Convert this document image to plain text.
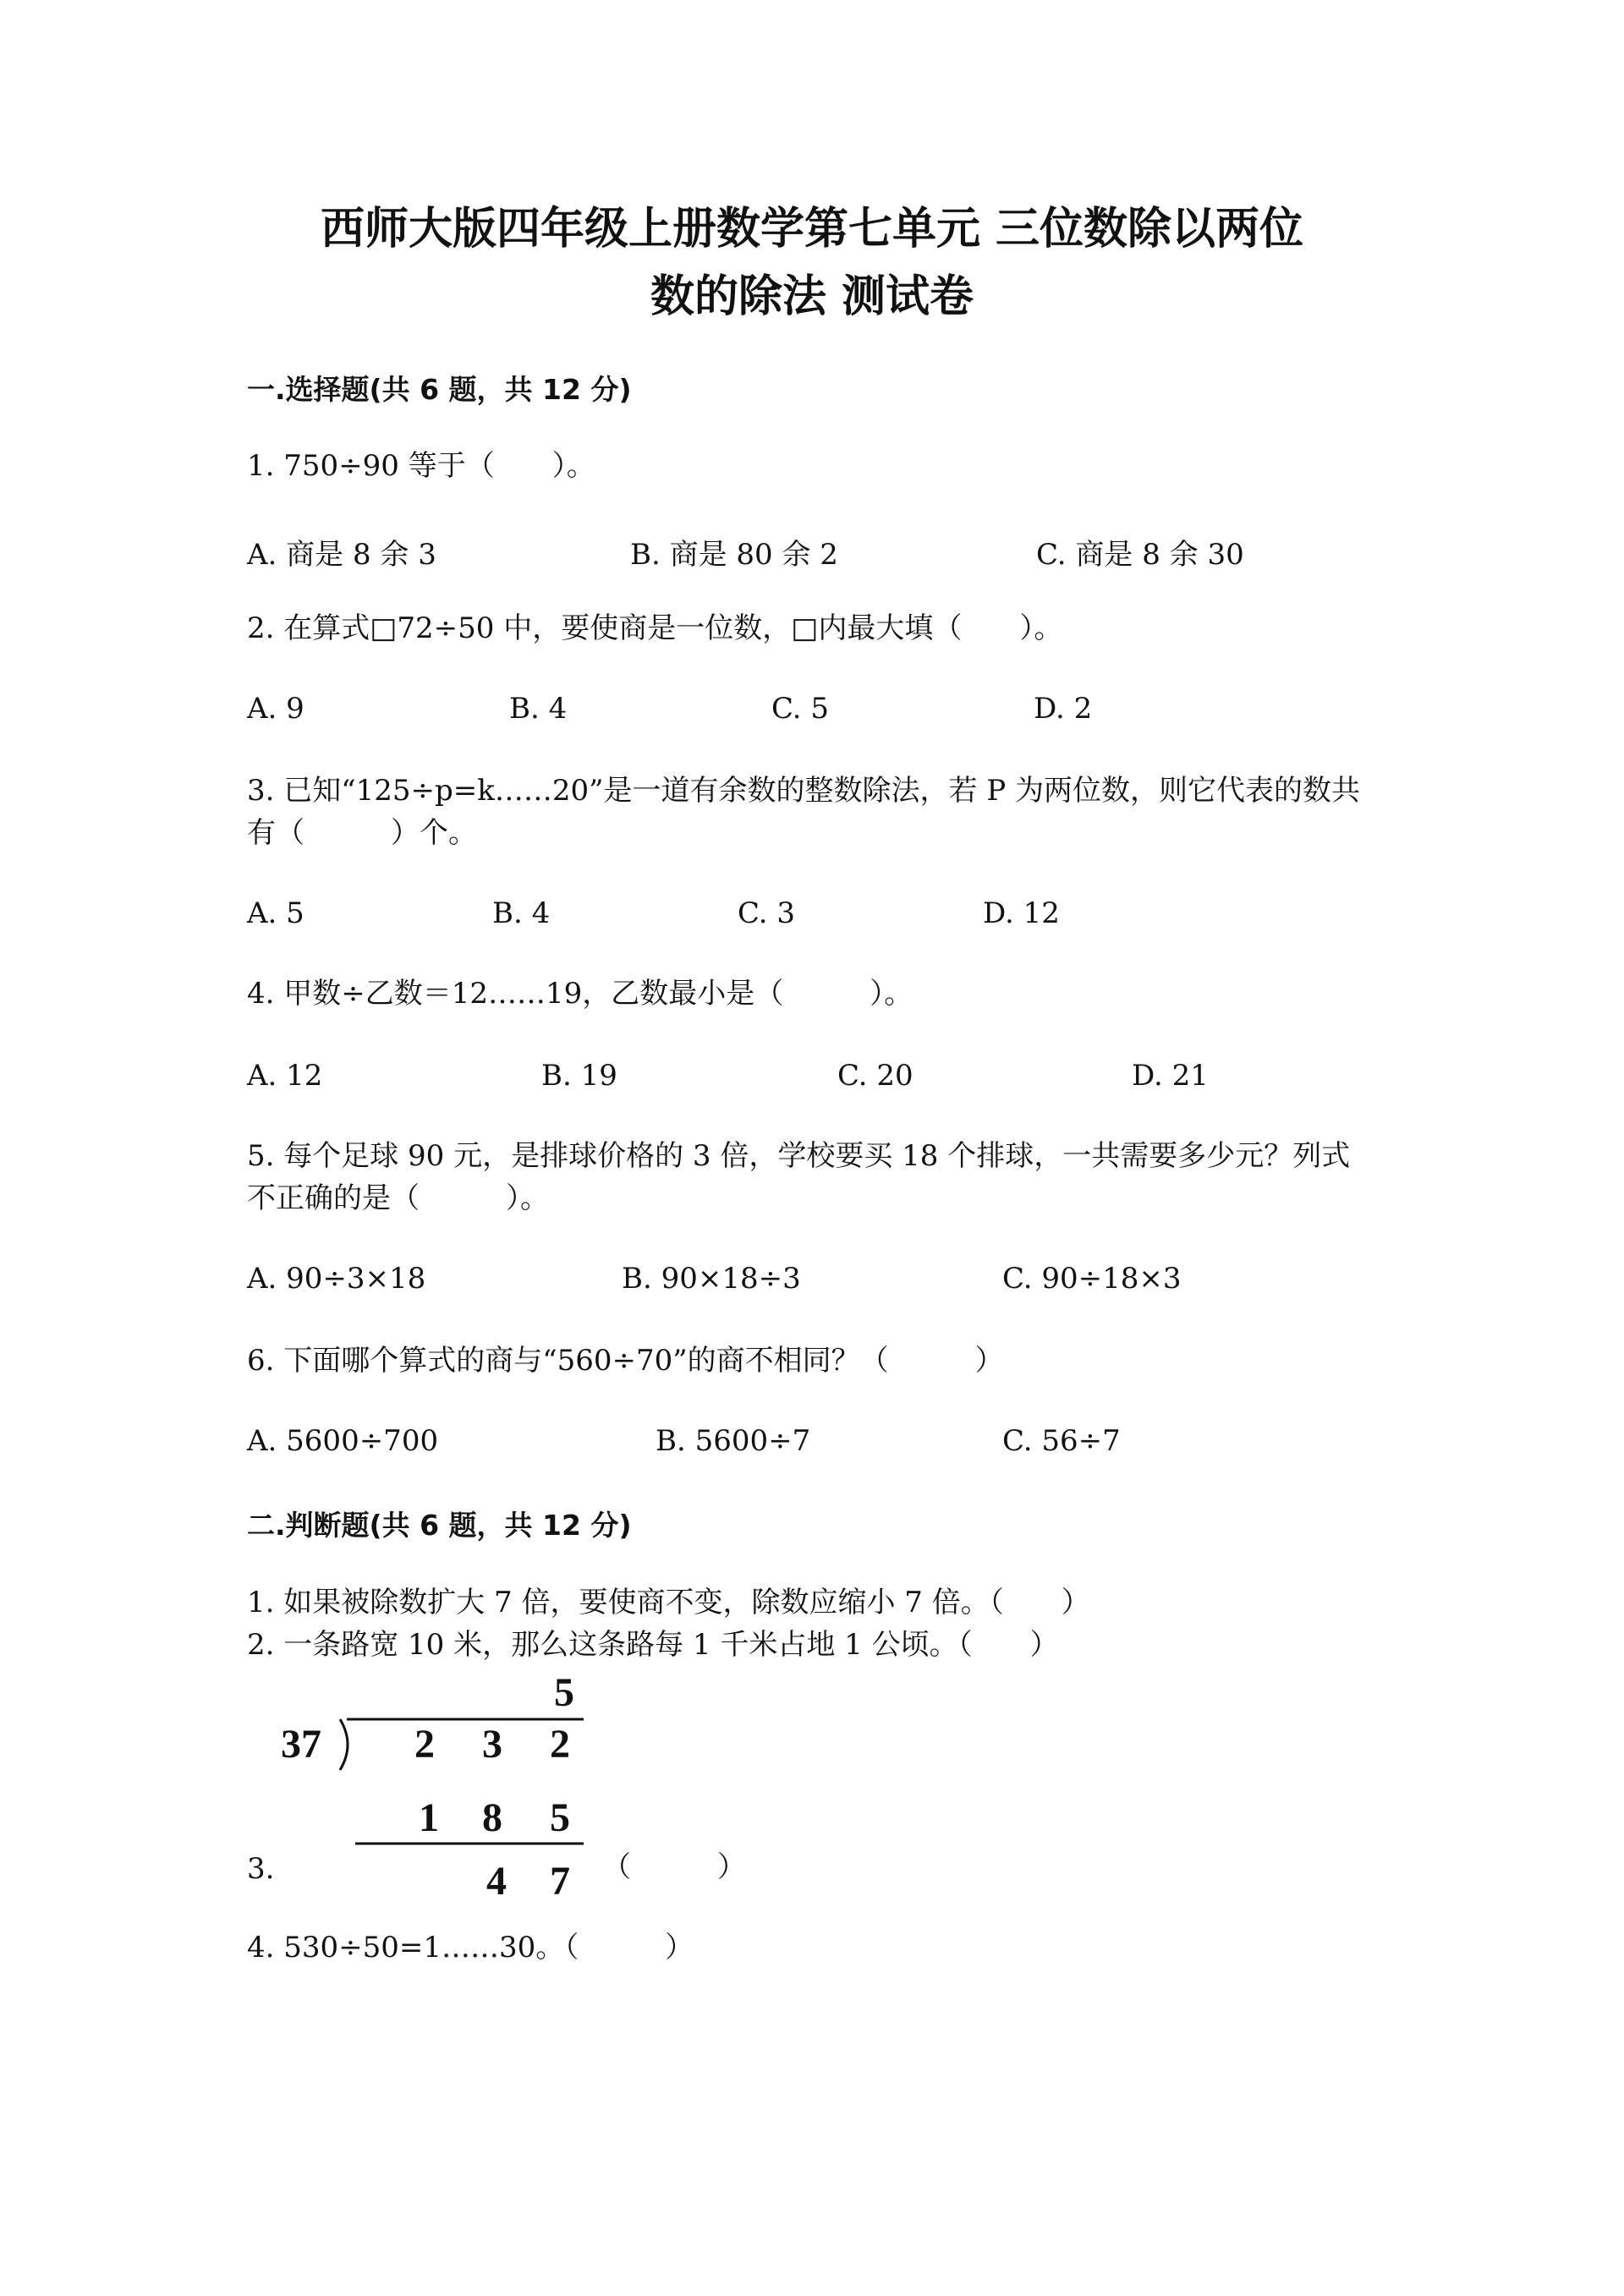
西师大版四年级上册数学第七单元 三位数除以两位
数的除法 测试卷
一.选择题(共 6 题，共 12 分)
1. 750÷90 等于（　　）。
A. 商是 8 余 3	B. 商是 80 余 2	C. 商是 8 余 30
2. 在算式□72÷50 中，要使商是一位数，□内最大填（　　）。
A. 9	B. 4	C. 5	D. 2
3. 已知“125÷p=k……20”是一道有余数的整数除法，若 P 为两位数，则它代表的数共有（　　　）个。
A. 5	B. 4	C. 3	D. 12
4. 甲数÷乙数＝12……19，乙数最小是（　　　）。
A. 12	B. 19	C. 20	D. 21
5. 每个足球 90 元，是排球价格的 3 倍，学校要买 18 个排球，一共需要多少元？列式不正确的是（　　　）。
A. 90÷3×18	B. 90×18÷3	C. 90÷18×3
6. 下面哪个算式的商与“560÷70”的商不相同？（　　　）
A. 5600÷700	B. 5600÷7	C. 56÷7
二.判断题(共 6 题，共 12 分)
1. 如果被除数扩大 7 倍，要使商不变，除数应缩小 7 倍。（　　）
2. 一条路宽 10 米，那么这条路每 1 千米占地 1 公顷。（　　）
3.
5
37 2 3 2
1 8 5
4 7 （　　　）
4. 530÷50=1……30。（　　　）
